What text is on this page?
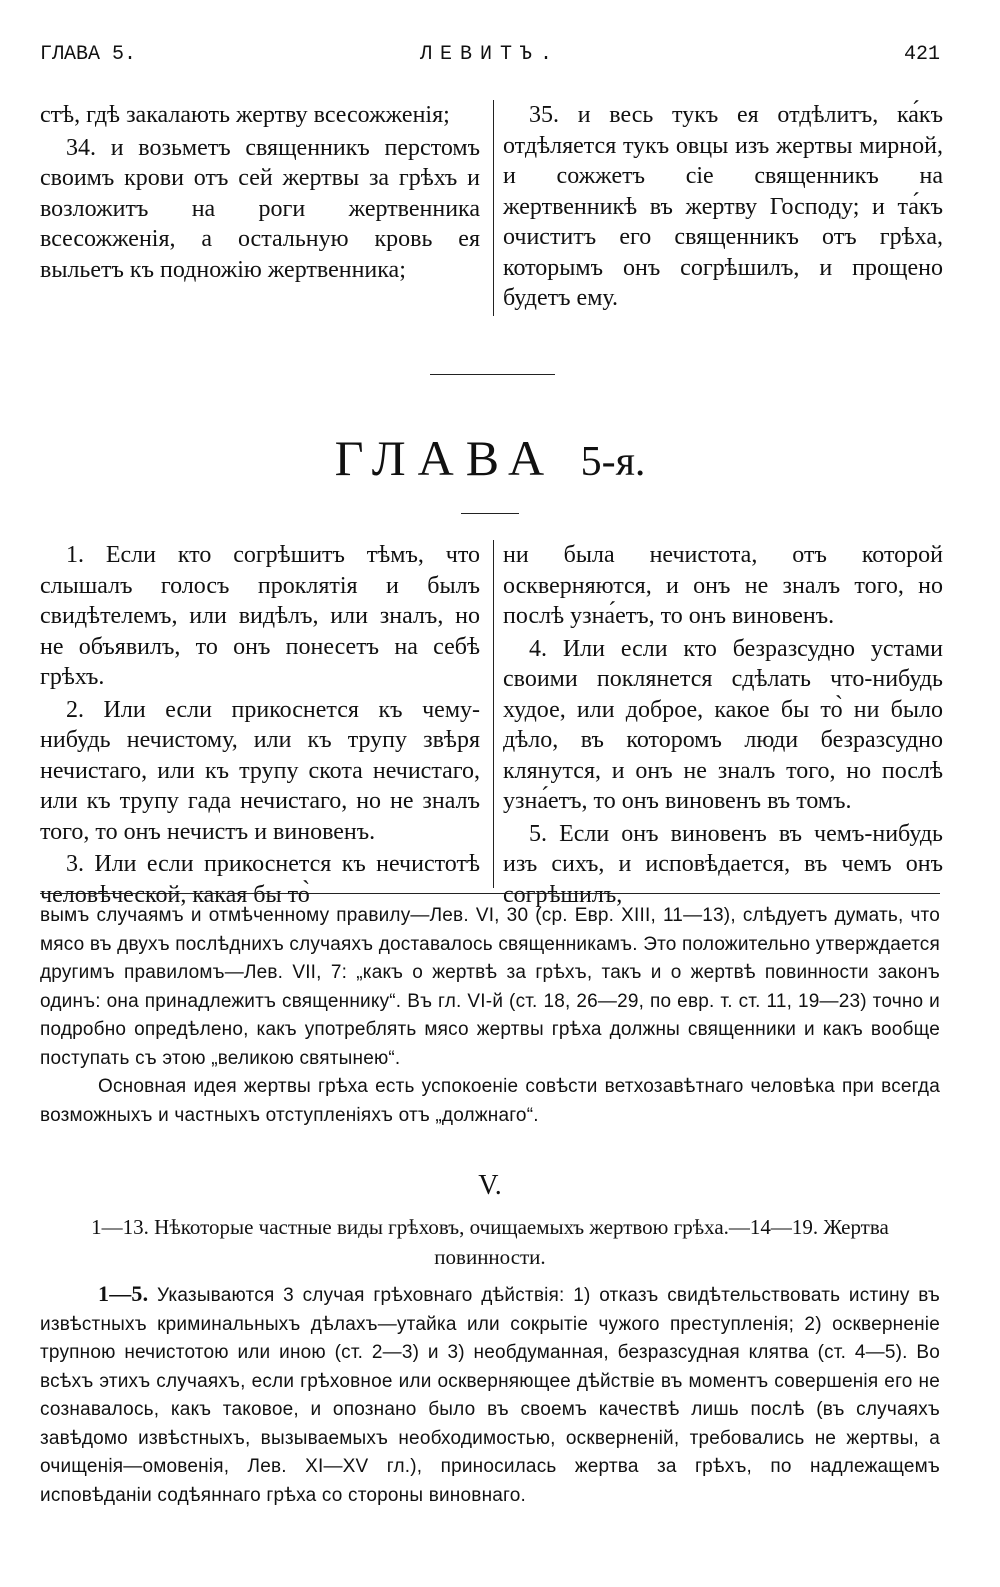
ГЛАВА 5.	ЛЕВИТЪ.	421

стѣ, гдѣ закалають жертву всесожженія;

34. и возьметъ священникъ перстомъ своимъ крови отъ сей жертвы за грѣхъ и возложитъ на роги жертвенника всесожженія, а остальную кровь ея выльетъ къ подножію жертвенника;

35. и весь тукъ ея отдѣлитъ, ка́къ отдѣляется тукъ овцы изъ жертвы мирной, и сожжетъ сіе священникъ на жертвенникѣ въ жертву Господу; и та́къ очиститъ его священникъ отъ грѣха, которымъ онъ согрѣшилъ, и прощено будетъ ему.

ГЛАВА 5-я.

1. Если кто согрѣшитъ тѣмъ, что слышалъ голосъ проклятія и былъ свидѣтелемъ, или видѣлъ, или зналъ, но не объявилъ, то онъ понесетъ на себѣ грѣхъ.

2. Или если прикоснется къ чему-нибудь нечистому, или къ трупу звѣря нечистаго, или къ трупу скота нечистаго, или къ трупу гада нечистаго, но не зналъ того, то онъ нечистъ и виновенъ.

3. Или если прикоснется къ нечистотѣ человѣческой, какая бы то̀

ни была нечистота, отъ которой оскверняются, и онъ не зналъ того, но послѣ узна́етъ, то онъ виновенъ.

4. Или если кто безразсудно устами своими поклянется сдѣлать что-нибудь худое, или доброе, какое бы то̀ ни было дѣло, въ которомъ люди безразсудно клянутся, и онъ не зналъ того, но послѣ узна́етъ, то онъ виновенъ въ томъ.

5. Если онъ виновенъ въ чемъ-нибудь изъ сихъ, и исповѣдается, въ чемъ онъ согрѣшилъ,

вымъ случаямъ и отмѣченному правилу—Лев. VI, 30 (ср. Евр. XIII, 11—13), слѣдуетъ думать, что мясо въ двухъ послѣднихъ случаяхъ доставалось священникамъ. Это положительно утверждается другимъ правиломъ—Лев. VII, 7: „какъ о жертвѣ за грѣхъ, такъ и о жертвѣ повинности законъ одинъ: она принадлежитъ священнику“. Въ гл. VI-й (ст. 18, 26—29, по евр. т. ст. 11, 19—23) точно и подробно опредѣлено, какъ употреблять мясо жертвы грѣха должны священники и какъ вообще поступать съ этою „великою святынею“.

Основная идея жертвы грѣха есть успокоеніе совѣсти ветхозавѣтнаго человѣка при всегда возможныхъ и частныхъ отступленіяхъ отъ „должнаго“.

V.
1—13. Нѣкоторые частные виды грѣховъ, очищаемыхъ жертвою грѣха.—14—19. Жертва повинности.

1—5. Указываются 3 случая грѣховнаго дѣйствія: 1) отказъ свидѣтельствовать истину въ извѣстныхъ криминальныхъ дѣлахъ—утайка или сокрытіе чужого преступленія; 2) оскверненіе трупною нечистотою или иною (ст. 2—3) и 3) необдуманная, безразсудная клятва (ст. 4—5). Во всѣхъ этихъ случаяхъ, если грѣховное или оскверняющее дѣйствіе въ моментъ совершенія его не сознавалось, какъ таковое, и опознано было въ своемъ качествѣ лишь послѣ (въ случаяхъ завѣдомо извѣстныхъ, вызываемыхъ необходимостью, оскверненій, требовались не жертвы, а очищенія—омовенія, Лев. XI—XV гл.), приносилась жертва за грѣхъ, по надлежащемъ исповѣданіи содѣяннаго грѣха со стороны виновнаго.
